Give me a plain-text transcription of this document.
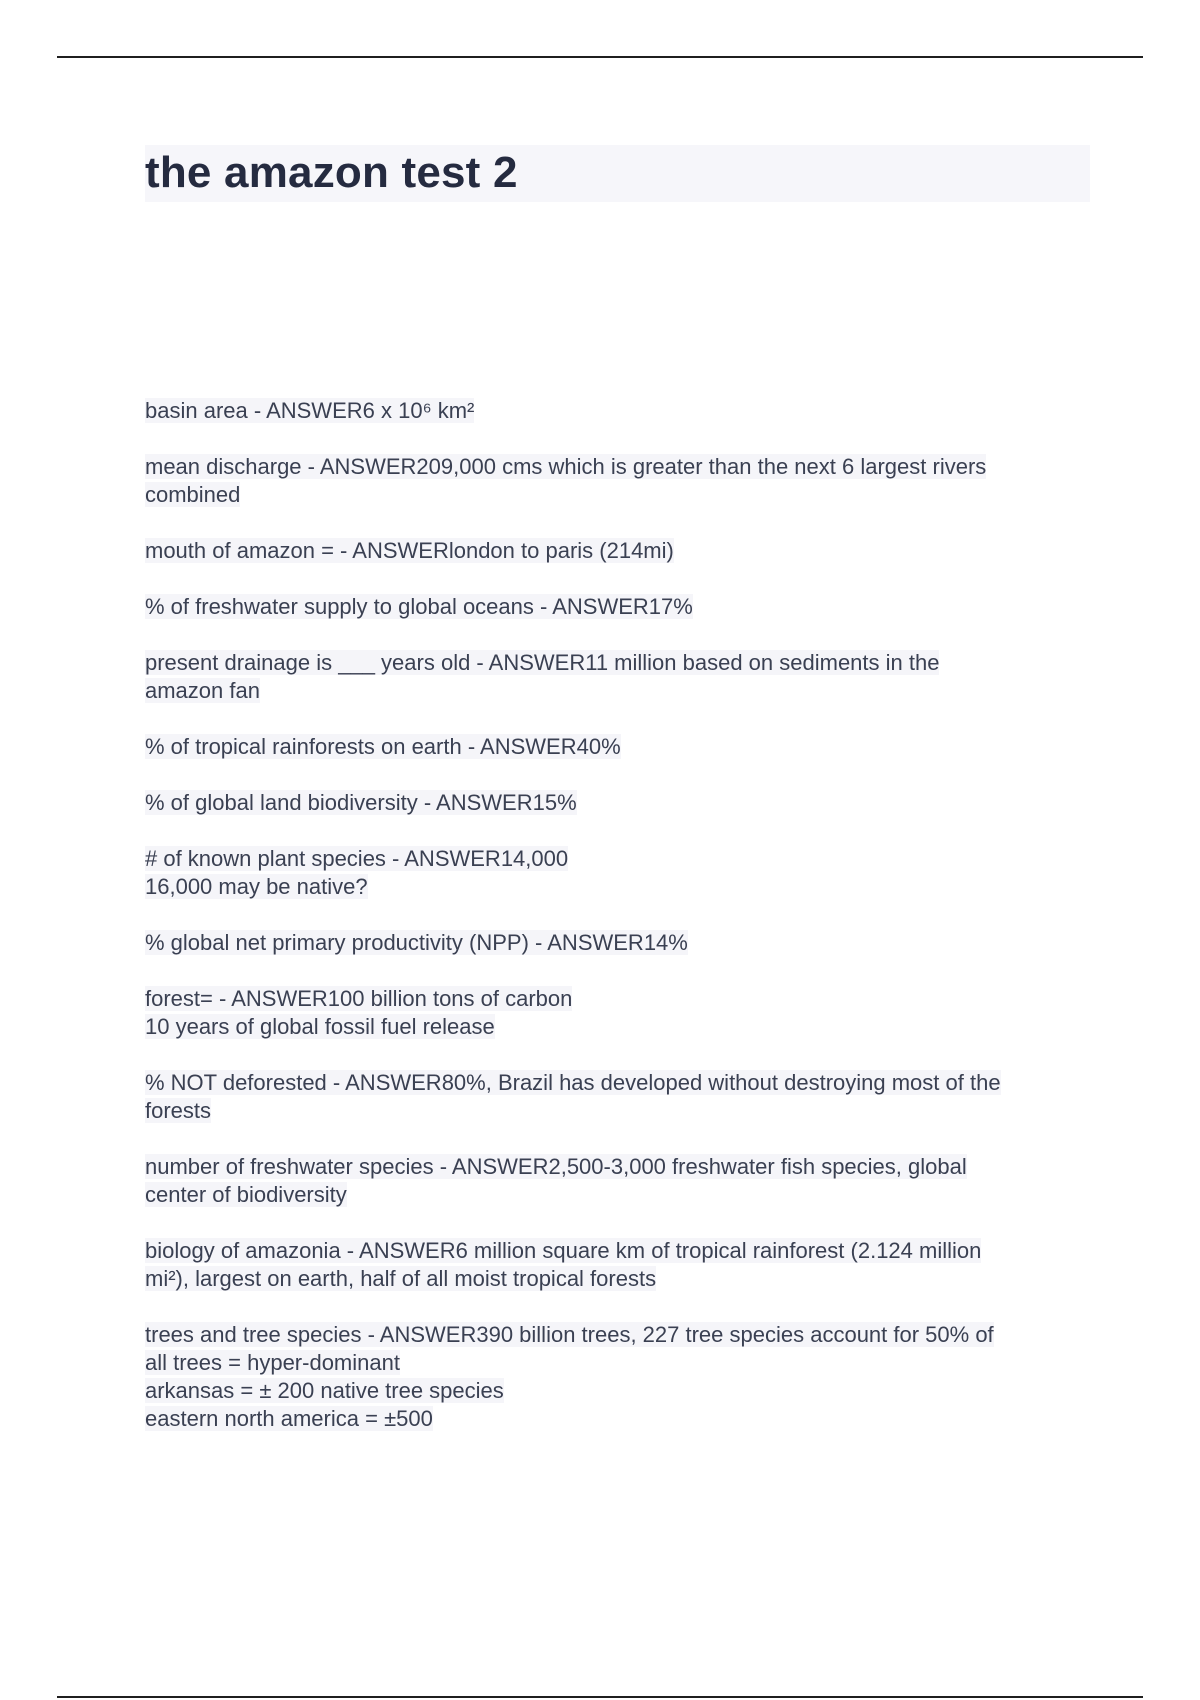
the amazon test 2
basin area - ANSWER6 x 10⁶ km²
mean discharge - ANSWER209,000 cms which is greater than the next 6 largest rivers
combined
mouth of amazon = - ANSWERlondon to paris (214mi)
% of freshwater supply to global oceans - ANSWER17%
present drainage is ___ years old - ANSWER11 million based on sediments in the
amazon fan
% of tropical rainforests on earth - ANSWER40%
% of global land biodiversity - ANSWER15%
# of known plant species - ANSWER14,000
16,000 may be native?
% global net primary productivity (NPP) - ANSWER14%
forest= - ANSWER100 billion tons of carbon
10 years of global fossil fuel release
% NOT deforested - ANSWER80%, Brazil has developed without destroying most of the
forests
number of freshwater species - ANSWER2,500-3,000 freshwater fish species, global
center of biodiversity
biology of amazonia - ANSWER6 million square km of tropical rainforest (2.124 million
mi²), largest on earth, half of all moist tropical forests
trees and tree species - ANSWER390 billion trees, 227 tree species account for 50% of
all trees = hyper-dominant
arkansas = ± 200 native tree species
eastern north america = ±500
